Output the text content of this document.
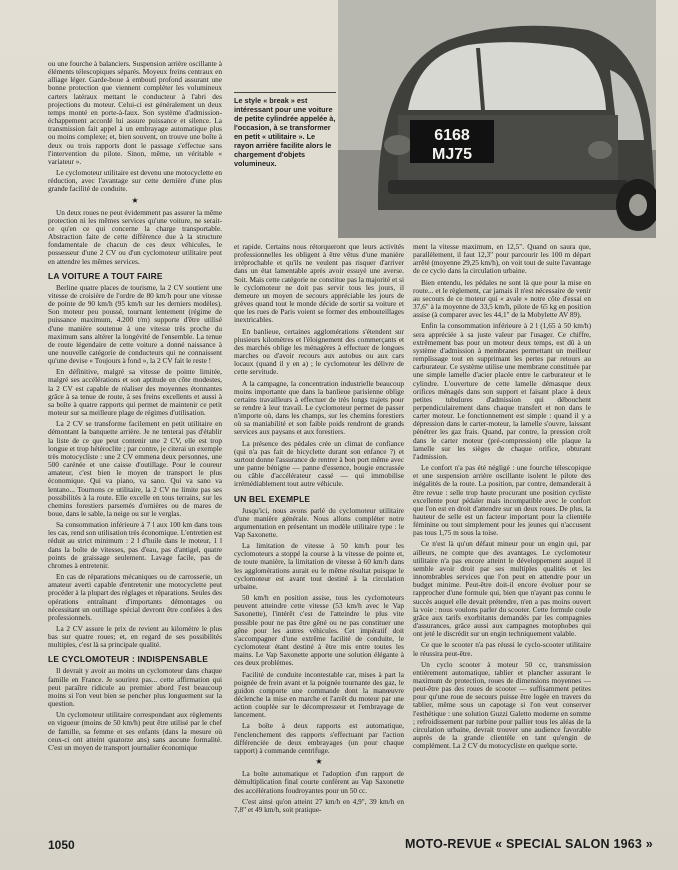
6168
MJ75

ou une fourche à balanciers. Suspension arrière oscillante à éléments télescopiques séparés. Moyeux freins centraux en alliage léger. Garde-boue à emboutí profond assurant une bonne protection que viennent compléter les volumineux carters latéraux mettant le conducteur à l'abri des projections du moteur. Celui-ci est généralement un deux temps monté en porte-à-faux. Son système d'admission-échappement accordé lui assure puissance et silence. La transmission fait appel à un embrayage automatique plus ou moins complexe; et, bien souvent, on trouve une boîte à deux ou trois rapports dont le passage s'effectue sans l'intervention du pilote. Sinon, même, un véritable « variateur ».

Le cyclomoteur utilitaire est devenu une motocyclette en réduction, avec l'avantage sur cette dernière d'une plus grande facilité de conduite.

★

Un deux roues ne peut évidemment pas assurer la même protection ni les mêmes services qu'une voiture, ne serait-ce qu'en ce qui concerne la charge transportable. Abstraction faite de cette différence due à la structure fondamentale de chacun de ces deux véhicules, le possesseur d'une 2 CV ou d'un cyclomoteur utilitaire peut en attendre les mêmes services.

LA VOITURE A TOUT FAIRE

Berline quatre places de tourisme, la 2 CV soutient une vitesse de croisière de l'ordre de 80 km/h pour une vitesse de pointe de 90 km/h (95 km/h sur les derniers modèles). Son moteur peu poussé, tournant lentement (régime de puissance maximum, 4.200 t/m) supporte d'être utilisé d'une manière soutenue à une vitesse très proche du maximum sans altérer la longévité de l'ensemble. La tenue de route légendaire de cette voiture a donné naissance à une nouvelle catégorie de conducteurs qui ne connaissent qu'une devise « Toujours à fond », la 2 CV fait le reste !

En définitive, malgré sa vitesse de pointe limitée, malgré ses accélérations et son aptitude en côte modestes, la 2 CV est capable de réaliser des moyennes étonnantes grâce à sa tenue de route, à ses freins excellents et aussi à sa boîte à quatre rapports qui permet de maintenir ce petit moteur sur sa meilleure plage de régimes d'utilisation.

La 2 CV se transforme facilement en petit utilitaire en démontant la banquette arrière. Je ne tenterai pas d'établir la liste de ce que peut contenir une 2 CV, elle est trop longue et trop hétéroclite ; par contre, je citerai un exemple très motocycliste : une 2 CV emmena deux personnes, une 500 carénée et une caisse d'outillage. Pour le coureur amateur, c'est bien le moyen de transport le plus économique. Qui va piano, va sano. Qui va sano va lentano... Tournons ce utilitaire, la 2 CV ne limite pas ses possibilités à la route. Elle excelle en tous terrains, sur les chemins forestiers parsemés d'ornières ou de mares de boue, dans le sable, la neige ou sur le verglas.

Sa consommation inférieure à 7 l aux 100 km dans tous les cas, rend son utilisation très économique. L'entretien est réduit au strict minimum : 2 l d'huile dans le moteur, 1 l dans la boîte de vitesses, pas d'eau, pas d'antigel, quatre points de graissage seulement. Lavage facile, pas de chromes à entretenir.

En cas de réparations mécaniques ou de carrosserie, un amateur averti capable d'entretenir une motocyclette peut procéder à la plupart des réglages et réparations. Seules des opérations entraînant d'importants démontages ou nécessitant un outillage spécial devront être confiées à des professionnels.

La 2 CV assure le prix de revient au kilomètre le plus bas sur quatre roues; et, en regard de ses possibilités multiples, c'est là sa principale qualité.

LE CYCLOMOTEUR : INDISPENSABLE

Il devrait y avoir au moins un cyclomoteur dans chaque famille en France. Je sourirez pas... cette affirmation qui peut paraître ridicule au premier abord l'est beaucoup moins si l'on veut bien se pencher plus longuement sur la question.

Un cyclomoteur utilitaire correspondant aux règlements en vigueur (moins de 50 km/h) peut être utilisé par le chef de famille, sa femme et ses enfants (dans la mesure où ceux-ci ont atteint quatorze ans) sans aucune formalité. C'est un moyen de transport journalier économique

Le style « break » est intéressant pour une voiture de petite cylindrée appelée à, l'occasion, à se transformer en petit « utilitaire ». Le rayon arrière facilite alors le chargement d'objets volumineux.

et rapide. Certains nous rétorqueront que leurs activités professionnelles les obligent à être vêtus d'une manière irréprochable et qu'ils ne veulent pas risquer d'arriver dans un état lamentable après avoir essuyé une averse. Soit. Mais cette catégorie ne constitue pas la majorité et si le cyclomoteur ne doit pas servir tous les jours, il demeure un moyen de secours appréciable les jours de grèves quand tout le monde décide de sortir sa voiture et que les rues de Paris voient se former des embouteillages inextricables.

En banlieue, certaines agglomérations s'étendent sur plusieurs kilomètres et l'éloignement des commerçants et des marchés oblige les ménagères à effectuer de longues marches ou d'avoir recours aux autobus ou aux cars locaux (quand il y en a) ; le cyclomoteur les délivre de cette servitude.

A la campagne, la concentration industrielle beaucoup moins importante que dans la banlieue parisienne oblige certains travailleurs à effectuer de très longs trajets pour se rendre à leur travail. Le cyclomoteur permet de passer n'importe où, dans les champs, sur les chemins forestiers où sa maniabilité et son faible poids rendront de grands services aux paysans et aux forestiers.

La présence des pédales crée un climat de confiance (qui n'a pas fait de bicyclette durant son enfance ?) et surtout donne l'assurance de rentrer à bon port même avec une panne bénigne — panne d'essence, bougie encrassée ou câble d'accélérateur cassé — qui immobilise irrémédiablement tout autre véhicule.

UN BEL EXEMPLE

Jusqu'ici, nous avons parlé du cyclomoteur utilitaire d'une manière générale. Nous allons compléter notre argumentation en présentant un modèle utilitaire type : le Vap Saxonette.

La limitation de vitesse à 50 km/h pour les cyclomoteurs a stoppé la course à la vitesse de pointe et, de toute manière, la limitation de vitesse à 60 km/h dans les agglomérations aurait eu le même résultat puisque le cyclomoteur est avant tout destiné à la circulation urbaine.

50 km/h en position assise, tous les cyclomoteurs peuvent atteindre cette vitesse (53 km/h avec le Vap Saxonette), l'intérêt c'est de l'atteindre le plus vite possible pour ne pas être gêné ou ne pas constituer une gêne pour les autres véhicules. Cet impératif doit s'accompagner d'une extrême facilité de conduite, le cyclomoteur étant destiné à être mis entre toutes les mains. Le Vap Saxonette apporte une solution élégante à ces deux problèmes.

Facilité de conduite incontestable car, mises à part la poignée de frein avant et la poignée tournante des gaz, le guidon comporte une commande dont la manœuvre déclenche la mise en marche et l'arrêt du moteur par une action couplée sur le décompresseur et l'embrayage de lancement.

La boîte à deux rapports est automatique, l'enclenchement des rapports s'effectuant par l'action différenciée de deux embrayages (un pour chaque rapport) à commande centrifuge.

★

La boîte automatique et l'adoption d'un rapport de démultiplication final courte confèrent au Vap Saxonette des accélérations foudroyantes pour un 50 cc.

C'est ainsi qu'on atteint 27 km/h en 4,9", 39 km/h en 7,8" et 49 km/h, soit pratique-

ment la vitesse maximum, en 12,5". Quand on saura que, parallèlement, il faut 12,3" pour parcourir les 100 m départ arrêté (moyenne 29,25 km/h), on voit tout de suite l'avantage de ce cyclo dans la circulation urbaine.

Bien entendu, les pédales ne sont là que pour la mise en route... et le règlement, car jamais il n'est nécessaire de venir au secours de ce moteur qui « avale » notre côte d'essai en 37,6" à la moyenne de 33,5 km/h, pilote de 65 kg en position assise (à comparer avec les 44,1" de la Mobylette AV 89).

Enfin la consommation inférieure à 2 l (1,65 à 50 km/h) sera appréciée à sa juste valeur par l'usager. Ce chiffre, extrêmement bas pour un moteur deux temps, est dû à un système d'admission à membranes permettant un meilleur remplissage tout en supprimant les pertes par retours au carburateur. Ce système utilise une membrane constituée par une simple lamelle d'acier placée entre le carburateur et le cylindre. L'ouverture de cette lamelle démasque deux orifices ménagés dans son support et faisant place à deux petites tubulures d'admission qui débouchent perpendiculairement dans chaque transfert et non dans le carter moteur. Le fonctionnement est simple : quand il y a dépression dans le carter-moteur, la lamelle s'ouvre, laissant pénétrer les gaz frais. Quand, par contre, la pression croît dans le carter moteur (pré-compression) elle plaque la lamelle sur les sièges de chaque orifice, obturant l'admission.

Le confort n'a pas été négligé : une fourche télescopique et une suspension arrière oscillante isolent le pilote des inégalités de la route. La position, par contre, demanderait à être revue : selle trop haute procurant une position cycliste excellente pour pédaler mais incompatible avec le confort que l'on est en droit d'attendre sur un deux roues. De plus, la hauteur de selle est un facteur important pour la clientèle féminine ou tout simplement pour les jeunes qui n'accusent pas tous 1,75 m sous la toise.

Ce n'est là qu'un défaut mineur pour un engin qui, par ailleurs, ne compte que des avantages. Le cyclomoteur utilitaire n'a pas encore atteint le développement auquel il semble avoir droit par ses multiples qualités et les innombrables services que l'on peut en attendre pour un budget minime. Peut-être doit-il encore évoluer pour se rapprocher d'une formule qui, bien que n'ayant pas connu le succès auquel elle devait prétendre, n'en a pas moins ouvert la voie : nous voulons parler du scooter. Cette formule coule grâce aux tarifs exorbitants demandés par les compagnies d'assurances, grâce aussi aux campagnes motophobes qui ont jeté le discrédit sur un engin techniquement valable.

Ce que le scooter n'a pas réussi le cyclo-scooter utilitaire le réussira peut-être.

Un cyclo scooter à moteur 50 cc, transmission entièrement automatique, tablier et plancher assurant le maximum de protection, roues de dimensions moyennes — peut-être pas des roues de scooter — suffisamment petites pour qu'une roue de secours puisse être logée en travers du tablier, même sous un capotage si l'on veut conserver l'esthétique : une solution Guzzi Galetto moderne en somme ; refroidissement par turbine pour pallier tous les aléas de la circulation urbaine, devrait trouver une audience favorable auprès de la grande clientèle en tant qu'engin de complément. La 2 CV du motocycliste en quelque sorte.

1050	MOTO-REVUE « SPECIAL SALON 1963 »
